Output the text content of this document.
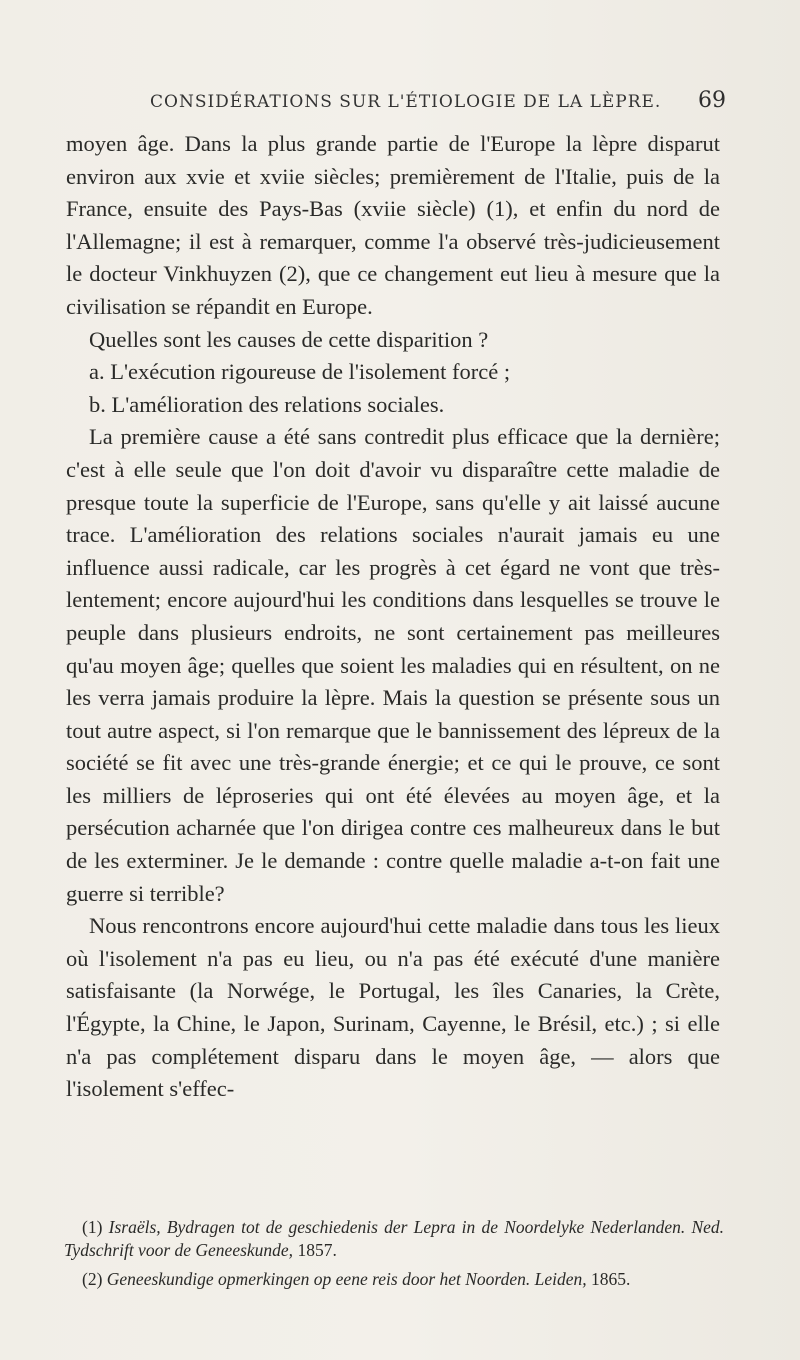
CONSIDÉRATIONS SUR L'ÉTIOLOGIE DE LA LÈPRE. 69

moyen âge. Dans la plus grande partie de l'Europe la lèpre disparut environ aux xvie et xviie siècles; premièrement de l'Italie, puis de la France, ensuite des Pays-Bas (xviie siècle) (1), et enfin du nord de l'Allemagne; il est à remarquer, comme l'a observé très-judicieusement le docteur Vinkhuyzen (2), que ce changement eut lieu à mesure que la civilisation se répandit en Europe.

Quelles sont les causes de cette disparition ?

a. L'exécution rigoureuse de l'isolement forcé ;

b. L'amélioration des relations sociales.

La première cause a été sans contredit plus efficace que la dernière; c'est à elle seule que l'on doit d'avoir vu disparaître cette maladie de presque toute la superficie de l'Europe, sans qu'elle y ait laissé aucune trace. L'amélioration des relations sociales n'aurait jamais eu une influence aussi radicale, car les progrès à cet égard ne vont que très-lentement; encore aujourd'hui les conditions dans lesquelles se trouve le peuple dans plusieurs endroits, ne sont certainement pas meilleures qu'au moyen âge; quelles que soient les maladies qui en résultent, on ne les verra jamais produire la lèpre. Mais la question se présente sous un tout autre aspect, si l'on remarque que le bannissement des lépreux de la société se fit avec une très-grande énergie; et ce qui le prouve, ce sont les milliers de léproseries qui ont été élevées au moyen âge, et la persécution acharnée que l'on dirigea contre ces malheureux dans le but de les exterminer. Je le demande : contre quelle maladie a-t-on fait une guerre si terrible?

Nous rencontrons encore aujourd'hui cette maladie dans tous les lieux où l'isolement n'a pas eu lieu, ou n'a pas été exécuté d'une manière satisfaisante (la Norwége, le Portugal, les îles Canaries, la Crète, l'Égypte, la Chine, le Japon, Surinam, Cayenne, le Brésil, etc.) ; si elle n'a pas complétement disparu dans le moyen âge, — alors que l'isolement s'effec-

(1) Israëls, Bydragen tot de geschiedenis der Lepra in de Noordelyke Nederlanden. Ned. Tydschrift voor de Geneeskunde, 1857.

(2) Geneeskundige opmerkingen op eene reis door het Noorden. Leiden, 1865.
